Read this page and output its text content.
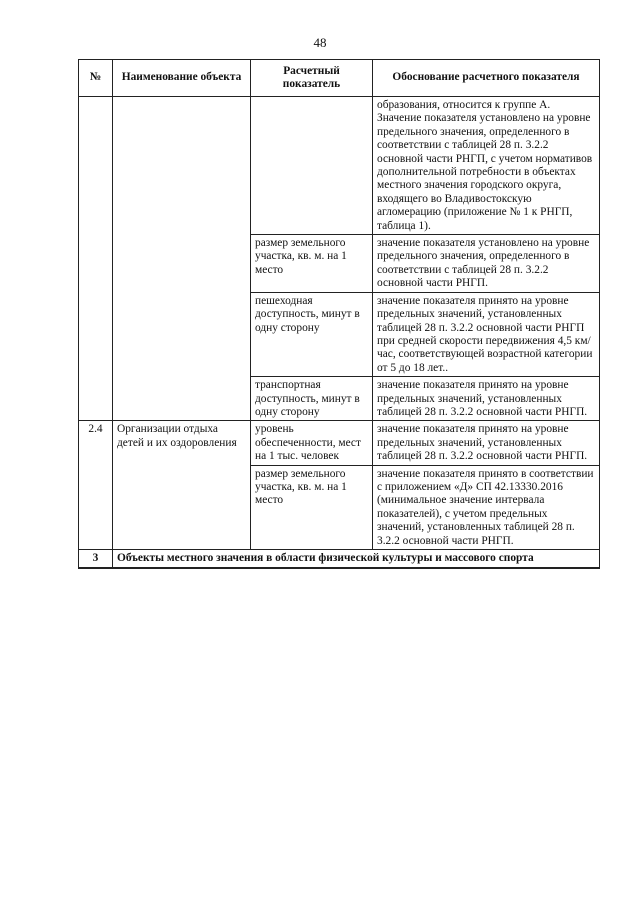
48
№	Наименование объекта	Расчетный показатель	Обоснование расчетного показателя
			образования, относится к группе А. Значение показателя установлено на уровне предельного значения, определенного в соответствии с таблицей 28 п. 3.2.2 основной части РНГП, с учетом нормативов дополнительной потребности в объектах местного значения городского округа, входящего во Владивостокскую агломерацию (приложение № 1 к РНГП, таблица 1).
		размер земельного участка, кв. м. на 1 место	значение показателя установлено на уровне предельного значения, определенного в соответствии с таблицей 28 п. 3.2.2 основной части РНГП.
		пешеходная доступность, минут в одну сторону	значение показателя принято на уровне предельных значений, установленных таблицей 28 п. 3.2.2 основной части РНГП при средней скорости передвижения 4,5 км/час, соответствующей возрастной категории от 5 до 18 лет..
		транспортная доступность, минут в одну сторону	значение показателя принято на уровне предельных значений, установленных таблицей 28 п. 3.2.2 основной части РНГП.
2.4	Организации отдыха детей и их оздоровления	уровень обеспеченности, мест на 1 тыс. человек	значение показателя принято на уровне предельных значений, установленных таблицей 28 п. 3.2.2 основной части РНГП.
		размер земельного участка, кв. м. на 1 место	значение показателя принято в соответствии с приложением «Д» СП 42.13330.2016 (минимальное значение интервала показателей), с учетом предельных значений, установленных таблицей 28 п. 3.2.2 основной части РНГП.
3	Объекты местного значения в области физической культуры и массового спорта		
